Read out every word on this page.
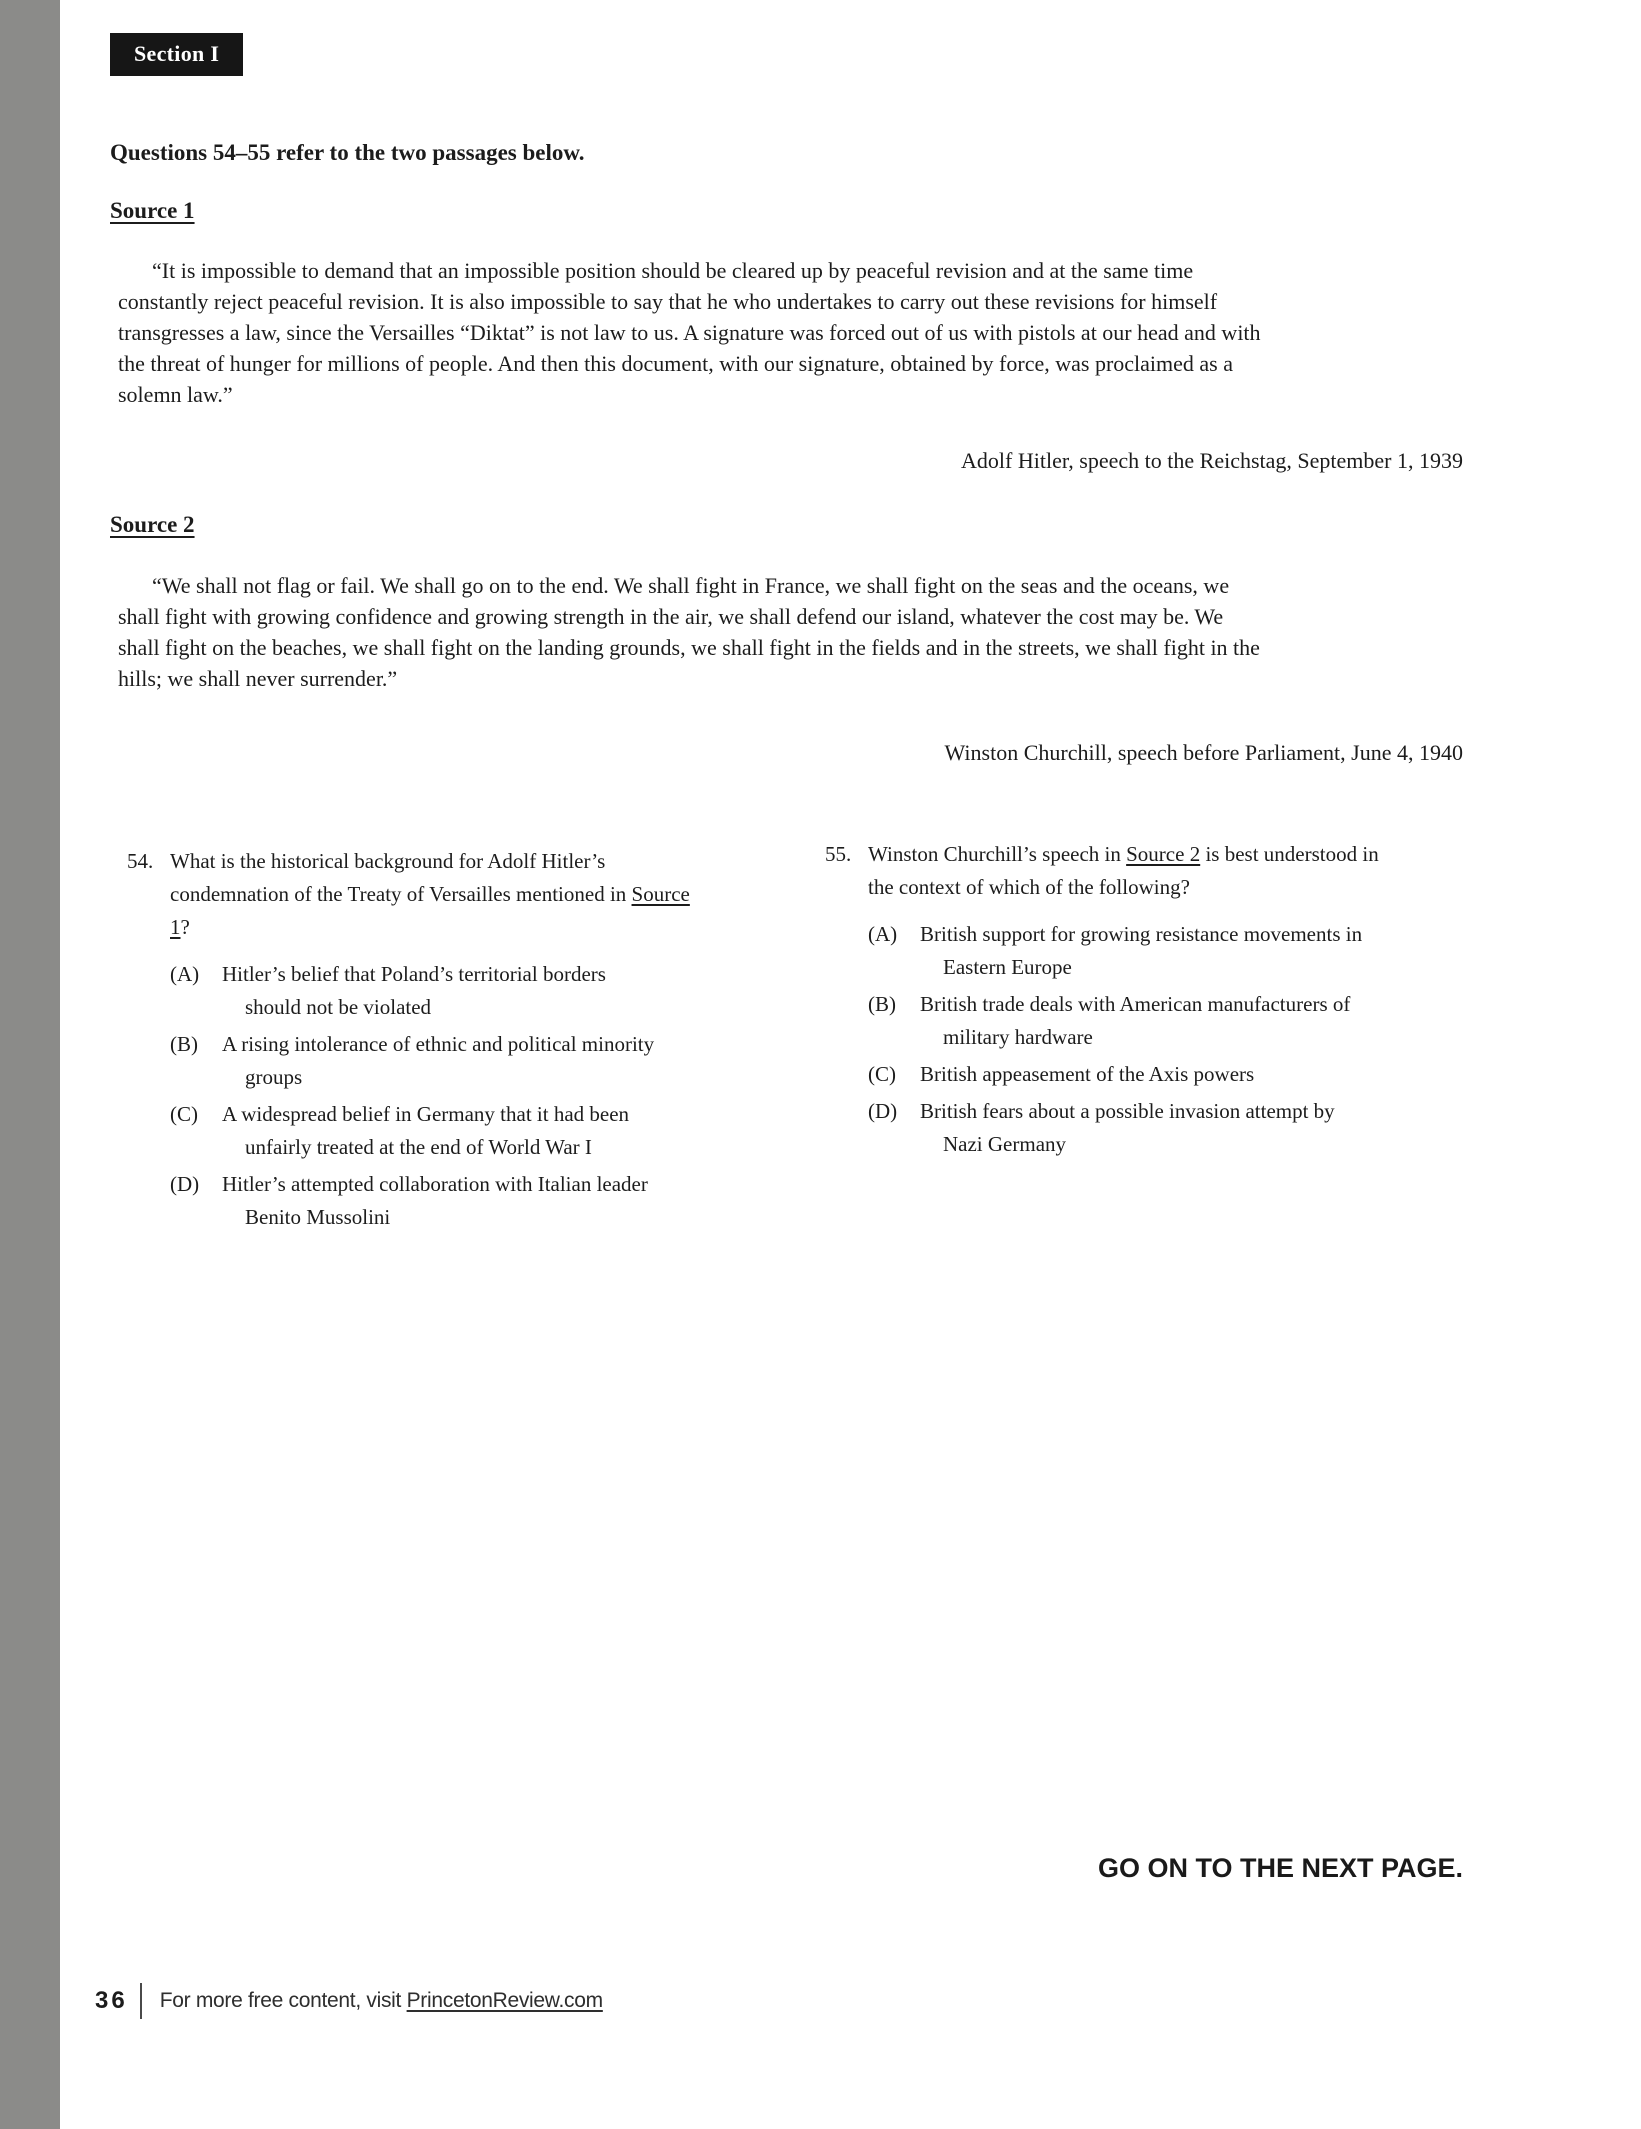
Section I
Questions 54–55 refer to the two passages below.
Source 1

“It is impossible to demand that an impossible position should be cleared up by peaceful revision and at the same time
constantly reject peaceful revision. It is also impossible to say that he who undertakes to carry out these revisions for himself
transgresses a law, since the Versailles “Diktat” is not law to us. A signature was forced out of us with pistols at our head and with
the threat of hunger for millions of people. And then this document, with our signature, obtained by force, was proclaimed as a
solemn law.”

Adolf Hitler, speech to the Reichstag, September 1, 1939
Source 2

“We shall not flag or fail. We shall go on to the end. We shall fight in France, we shall fight on the seas and the oceans, we
shall fight with growing confidence and growing strength in the air, we shall defend our island, whatever the cost may be. We
shall fight on the beaches, we shall fight on the landing grounds, we shall fight in the fields and in the streets, we shall fight in the
hills; we shall never surrender.”

Winston Churchill, speech before Parliament, June 4, 1940
54. What is the historical background for Adolf Hitler’s condemnation of the Treaty of Versailles mentioned in Source 1?
(A)	Hitler’s belief that Poland’s territorial borders
should not be violated
(B)	A rising intolerance of ethnic and political minority
groups
(C)	A widespread belief in Germany that it had been
unfairly treated at the end of World War I
(D)	Hitler’s attempted collaboration with Italian leader
Benito Mussolini
55. Winston Churchill’s speech in Source 2 is best understood in the context of which of the following?
(A)	British support for growing resistance movements in
Eastern Europe
(B)	British trade deals with American manufacturers of
military hardware
(C)	British appeasement of the Axis powers
(D)	British fears about a possible invasion attempt by
Nazi Germany
GO ON TO THE NEXT PAGE.
36 For more free content, visit PrincetonReview.com
